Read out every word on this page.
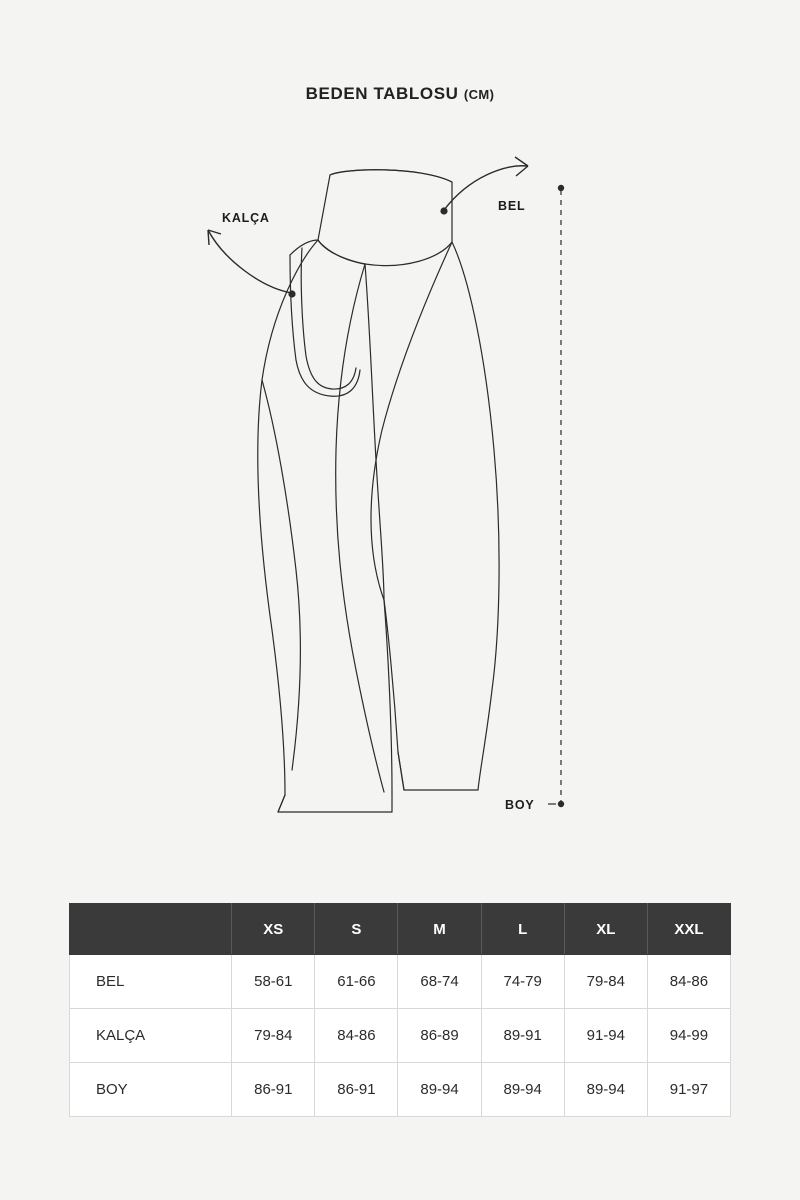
BEDEN TABLOSU (CM)
KALÇA
BEL
BOY
	XS	S	M	L	XL	XXL
BEL	58-61	61-66	68-74	74-79	79-84	84-86
KALÇA	79-84	84-86	86-89	89-91	91-94	94-99
BOY	86-91	86-91	89-94	89-94	89-94	91-97
